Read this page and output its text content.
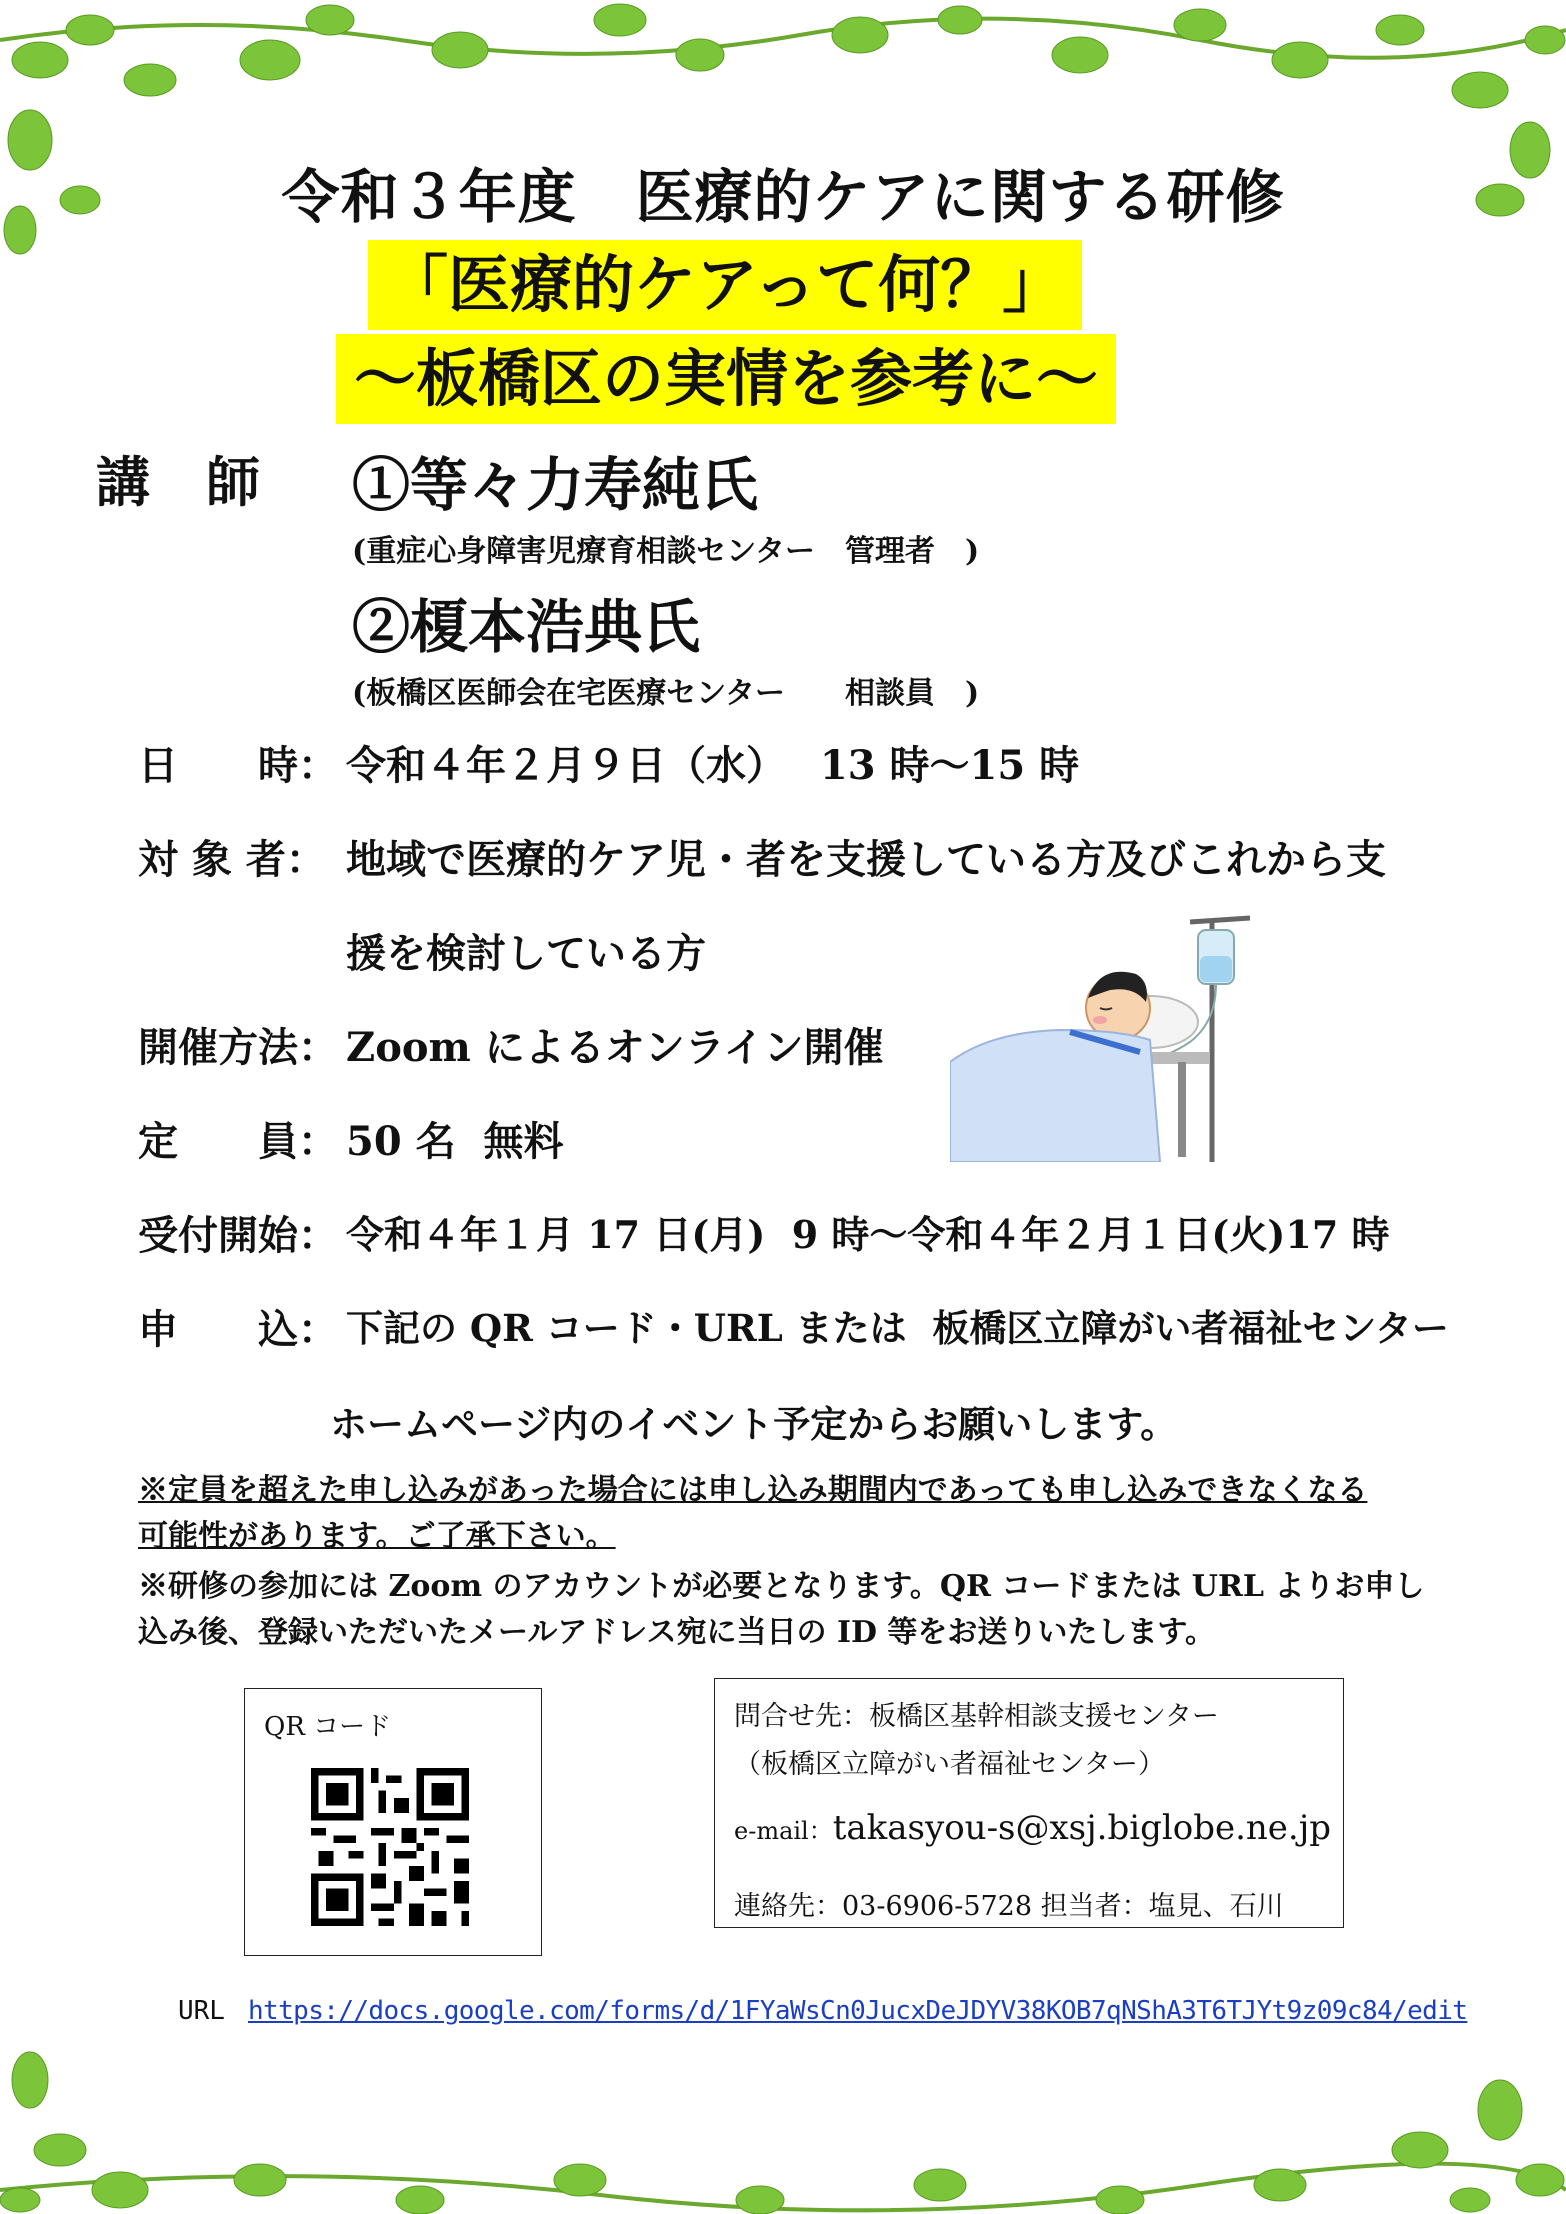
令和３年度　医療的ケアに関する研修
「医療的ケアって何？」
～板橋区の実情を参考に～
講師 ①等々力寿純氏
(重症心身障害児療育相談センター　管理者　)
②榎本浩典氏
(板橋区医師会在宅医療センター　　相談員　)
日　　時： 令和４年２月９日（水）　 13 時～15 時
対 象 者： 地域で医療的ケア児・者を支援している方及びこれから支
援を検討している方
開催方法： Zoom によるオンライン開催
定　　員： 50 名  無料
受付開始： 令和４年１月 17 日(月)  9 時～令和４年２月１日(火)17 時
申　　込： 下記の QR コード・URL または  板橋区立障がい者福祉センター
ホームページ内のイベント予定からお願いします。
※定員を超えた申し込みがあった場合には申し込み期間内であっても申し込みできなくなる
可能性があります。ご了承下さい。
※研修の参加には Zoom のアカウントが必要となります。QR コードまたは URL よりお申し
込み後、登録いただいたメールアドレス宛に当日の ID 等をお送りいたします。
QR コード	問合せ先：板橋区基幹相談支援センター
（板橋区立障がい者福祉センター）
e-mail：takasyou-s@xsj.biglobe.ne.jp
連絡先：03-6906-5728 担当者：塩見、石川
URL https://docs.google.com/forms/d/1FYaWsCn0JucxDeJDYV38KOB7qNShA3T6TJYt9z09c84/edit
